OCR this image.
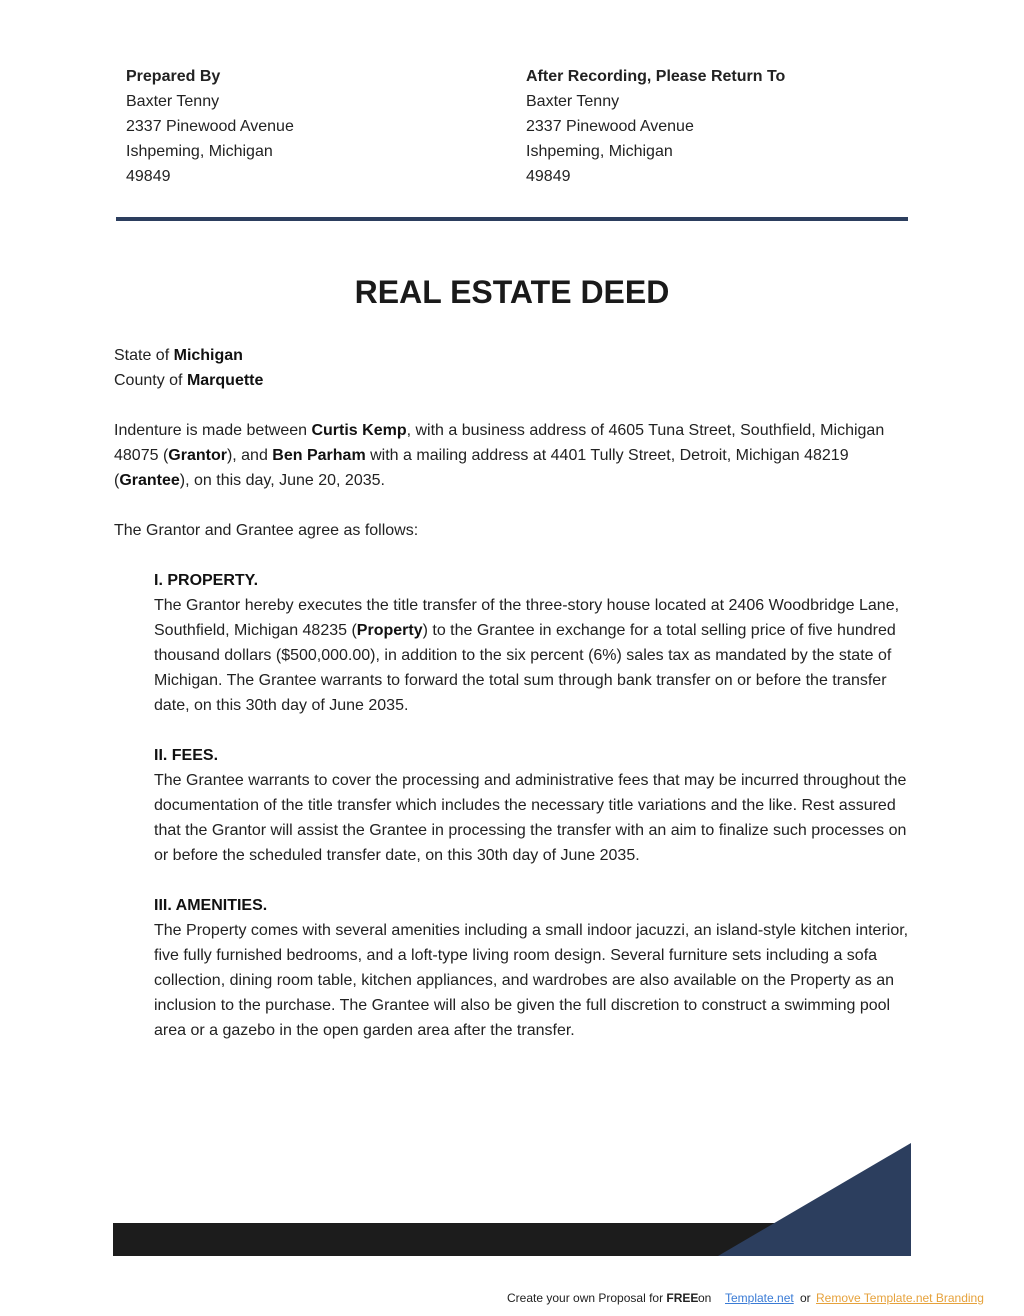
Prepared By
Baxter Tenny
2337 Pinewood Avenue
Ishpeming, Michigan
49849
After Recording, Please Return To
Baxter Tenny
2337 Pinewood Avenue
Ishpeming, Michigan
49849
REAL ESTATE DEED
State of Michigan
County of Marquette
Indenture is made between Curtis Kemp, with a business address of 4605 Tuna Street, Southfield, Michigan 48075 (Grantor), and Ben Parham with a mailing address at 4401 Tully Street, Detroit, Michigan 48219 (Grantee), on this day, June 20, 2035.
The Grantor and Grantee agree as follows:
I. PROPERTY.
The Grantor hereby executes the title transfer of the three-story house located at 2406 Woodbridge Lane, Southfield, Michigan 48235 (Property) to the Grantee in exchange for a total selling price of five hundred thousand dollars ($500,000.00), in addition to the six percent (6%) sales tax as mandated by the state of Michigan. The Grantee warrants to forward the total sum through bank transfer on or before the transfer date, on this 30th day of June 2035.
II. FEES.
The Grantee warrants to cover the processing and administrative fees that may be incurred throughout the documentation of the title transfer which includes the necessary title variations and the like. Rest assured that the Grantor will assist the Grantee in processing the transfer with an aim to finalize such processes on or before the scheduled transfer date, on this 30th day of June 2035.
III. AMENITIES.
The Property comes with several amenities including a small indoor jacuzzi, an island-style kitchen interior, five fully furnished bedrooms, and a loft-type living room design. Several furniture sets including a sofa collection, dining room table, kitchen appliances, and wardrobes are also available on the Property as an inclusion to the purchase. The Grantee will also be given the full discretion to construct a swimming pool area or a gazebo in the open garden area after the transfer.
Create your own Proposal for FREE on Template.net or Remove Template.net Branding
